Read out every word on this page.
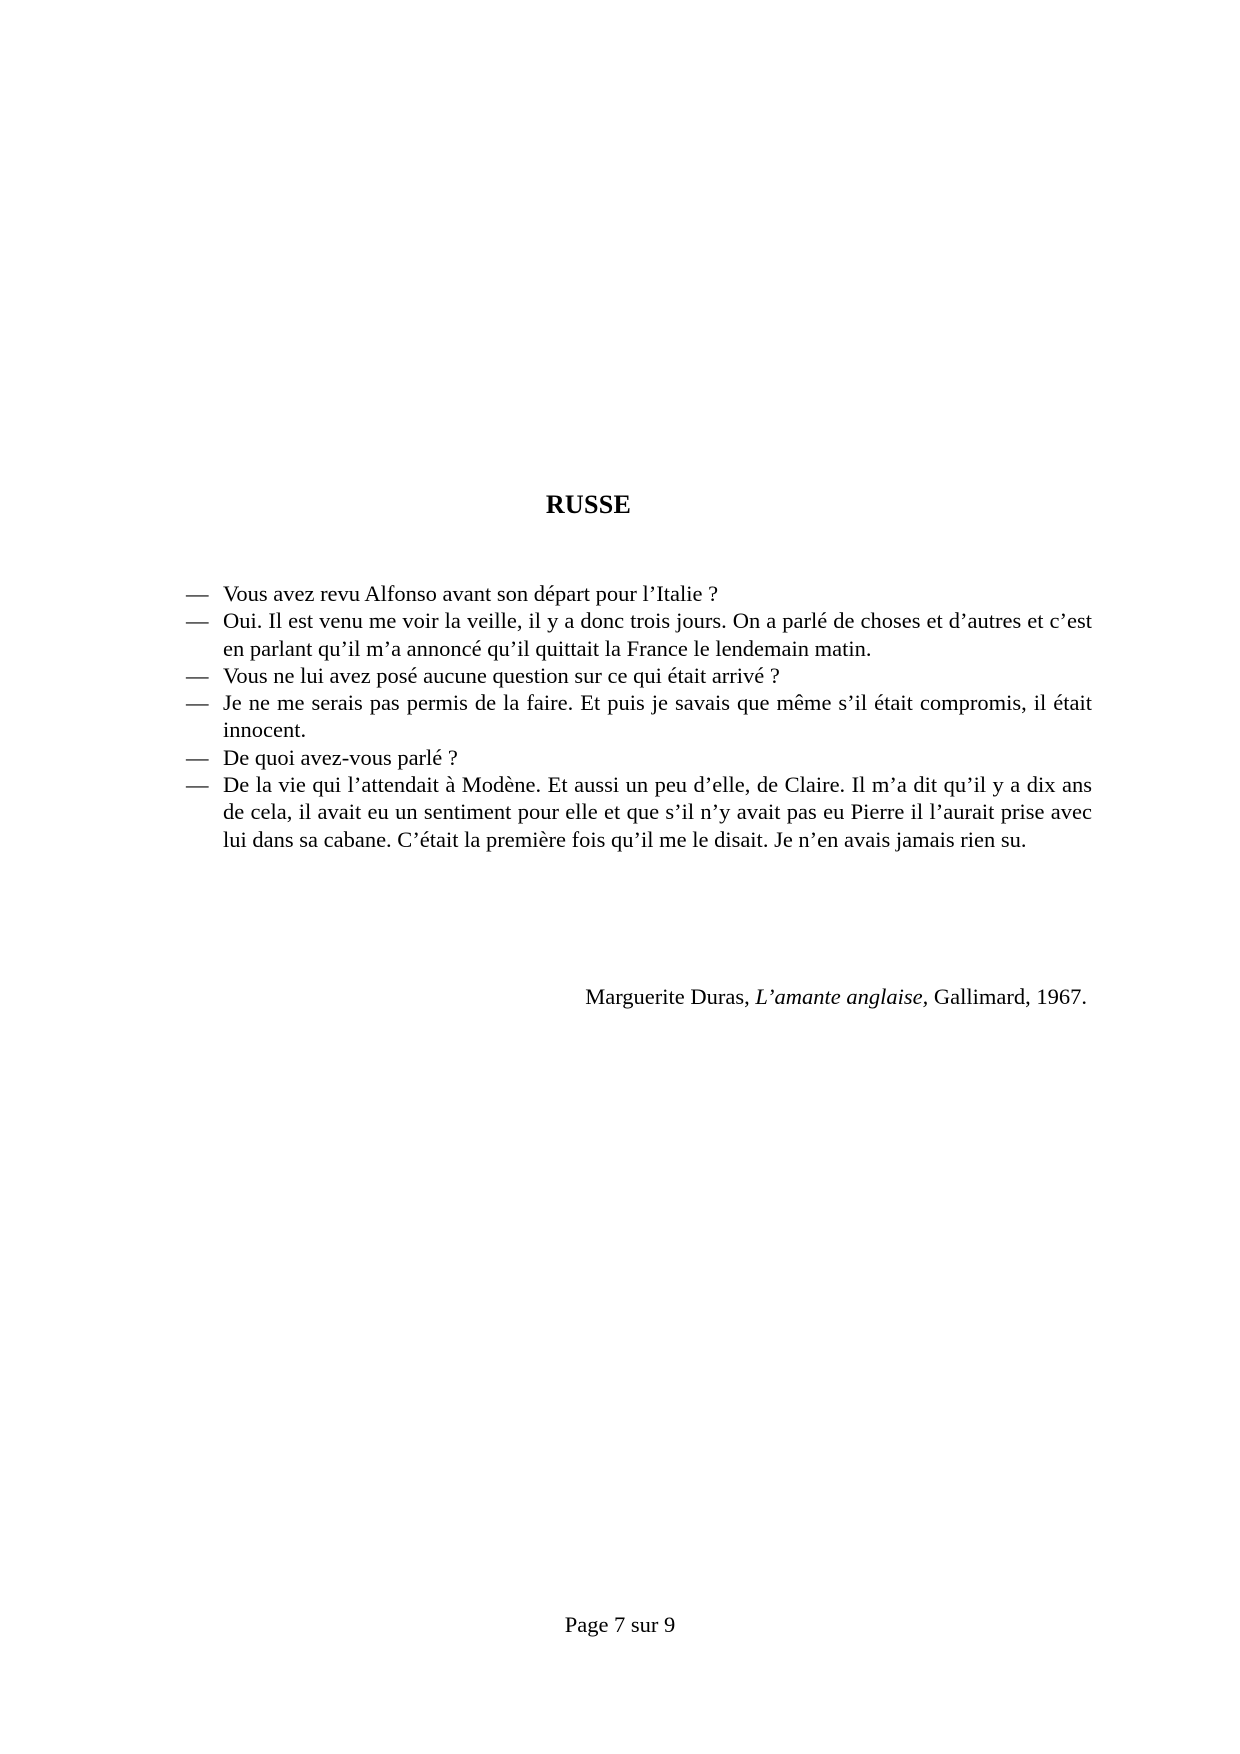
RUSSE
— Vous avez revu Alfonso avant son départ pour l’Italie ?
— Oui. Il est venu me voir la veille, il y a donc trois jours. On a parlé de choses et d’autres et c’est en parlant qu’il m’a annoncé qu’il quittait la France le lendemain matin.
— Vous ne lui avez posé aucune question sur ce qui était arrivé ?
— Je ne me serais pas permis de la faire. Et puis je savais que même s’il était compromis, il était innocent.
— De quoi avez-vous parlé ?
— De la vie qui l’attendait à Modène. Et aussi un peu d’elle, de Claire. Il m’a dit qu’il y a dix ans de cela, il avait eu un sentiment pour elle et que s’il n’y avait pas eu Pierre il l’aurait prise avec lui dans sa cabane. C’était la première fois qu’il me le disait. Je n’en avais jamais rien su.
Marguerite Duras, L’amante anglaise, Gallimard, 1967.
Page 7 sur 9
